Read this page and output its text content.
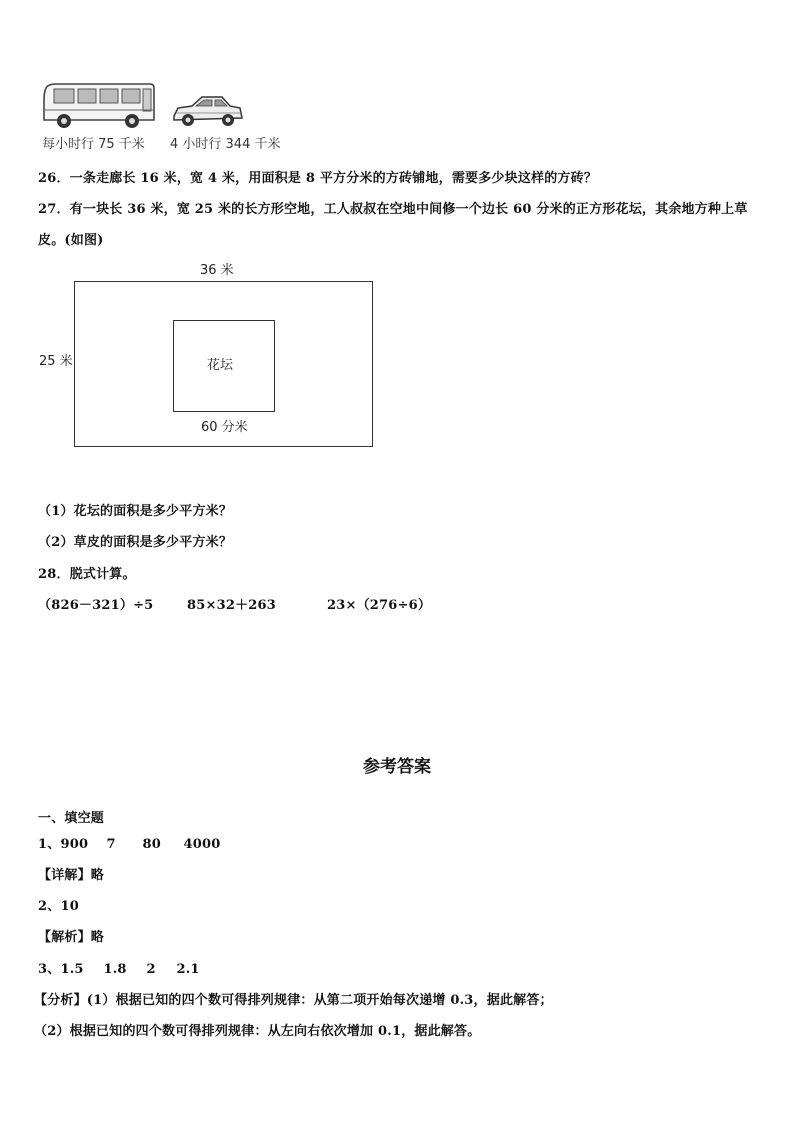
每小时行 75 千米 4 小时行 344 千米
26．一条走廊长 16 米，宽 4 米，用面积是 8 平方分米的方砖铺地，需要多少块这样的方砖？
27．有一块长 36 米，宽 25 米的长方形空地，工人叔叔在空地中间修一个边长 60 分米的正方形花坛，其余地方种上草
皮。(如图)
36 米
25 米	花坛
60 分米
（1）花坛的面积是多少平方米？
（2）草皮的面积是多少平方米？
28．脱式计算。
（826－321）÷5	85×32＋263	23×（276÷6）
参考答案
一、填空题
1、900 7 80 4000
【详解】略
2、10
【解析】略
3、1.5 1.8 2 2.1
【分析】(1）根据已知的四个数可得排列规律：从第二项开始每次递增 0.3，据此解答；
（2）根据已知的四个数可得排列规律：从左向右依次增加 0.1，据此解答。
